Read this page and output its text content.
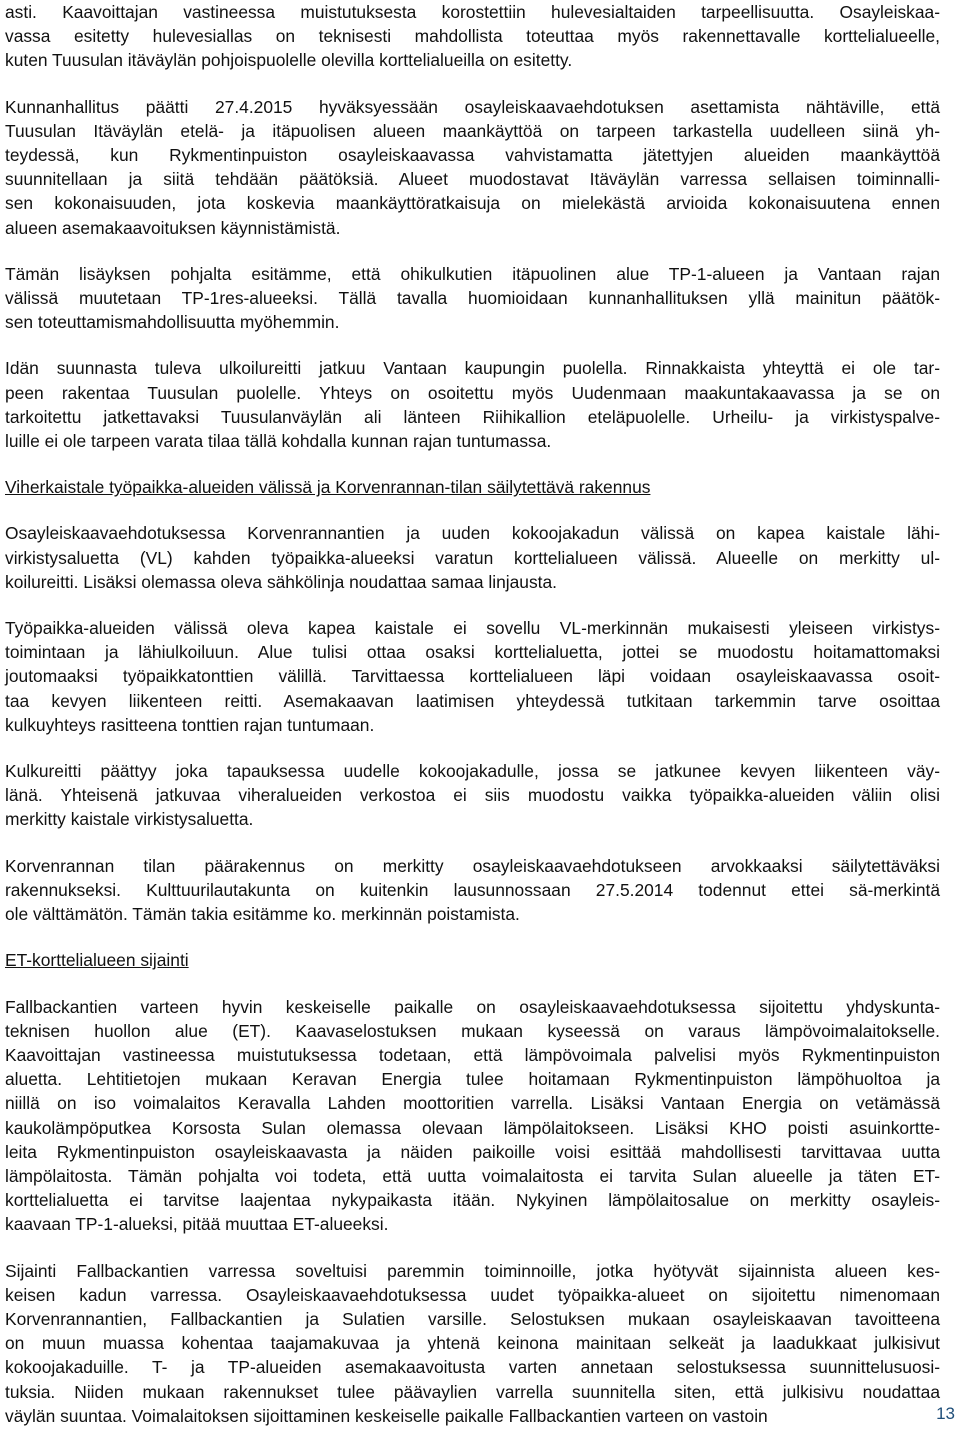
asti. Kaavoittajan vastineessa muistutuksesta korostettiin hulevesialtaiden tarpeellisuutta. Osayleiskaa-
vassa esitetty hulevesiallas on teknisesti mahdollista toteuttaa myös rakennettavalle korttelialueelle,
kuten Tuusulan itäväylän pohjoispuolelle olevilla korttelialueilla on esitetty.

Kunnanhallitus päätti 27.4.2015 hyväksyessään osayleiskaavaehdotuksen asettamista nähtäville, että
Tuusulan Itäväylän etelä- ja itäpuolisen alueen maankäyttöä on tarpeen tarkastella uudelleen siinä yh-
teydessä, kun Rykmentinpuiston osayleiskaavassa vahvistamatta jätettyjen alueiden maankäyttöä
suunnitellaan ja siitä tehdään päätöksiä. Alueet muodostavat Itäväylän varressa sellaisen toiminnalli-
sen kokonaisuuden, jota koskevia maankäyttöratkaisuja on mielekästä arvioida kokonaisuutena ennen
alueen asemakaavoituksen käynnistämistä.

Tämän lisäyksen pohjalta esitämme, että ohikulkutien itäpuolinen alue TP-1-alueen ja Vantaan rajan
välissä muutetaan TP-1res-alueeksi. Tällä tavalla huomioidaan kunnanhallituksen yllä mainitun päätök-
sen toteuttamismahdollisuutta myöhemmin.

Idän suunnasta tuleva ulkoilureitti jatkuu Vantaan kaupungin puolella. Rinnakkaista yhteyttä ei ole tar-
peen rakentaa Tuusulan puolelle. Yhteys on osoitettu myös Uudenmaan maakuntakaavassa ja se on
tarkoitettu jatkettavaksi Tuusulanväylän ali länteen Riihikallion eteläpuolelle. Urheilu- ja virkistyspalve-
luille ei ole tarpeen varata tilaa tällä kohdalla kunnan rajan tuntumassa.

Viherkaistale työpaikka-alueiden välissä ja Korvenrannan-tilan säilytettävä rakennus

Osayleiskaavaehdotuksessa Korvenrannantien ja uuden kokoojakadun välissä on kapea kaistale lähi-
virkistysaluetta (VL) kahden työpaikka-alueeksi varatun korttelialueen välissä. Alueelle on merkitty ul-
koilureitti. Lisäksi olemassa oleva sähkölinja noudattaa samaa linjausta.

Työpaikka-alueiden välissä oleva kapea kaistale ei sovellu VL-merkinnän mukaisesti yleiseen virkistys-
toimintaan ja lähiulkoiluun. Alue tulisi ottaa osaksi korttelialuetta, jottei se muodostu hoitamattomaksi
joutomaaksi työpaikkatonttien välillä. Tarvittaessa korttelialueen läpi voidaan osayleiskaavassa osoit-
taa kevyen liikenteen reitti. Asemakaavan laatimisen yhteydessä tutkitaan tarkemmin tarve osoittaa
kulkuyhteys rasitteena tonttien rajan tuntumaan.

Kulkureitti päättyy joka tapauksessa uudelle kokoojakadulle, jossa se jatkunee kevyen liikenteen väy-
länä. Yhteisenä jatkuvaa viheralueiden verkostoa ei siis muodostu vaikka työpaikka-alueiden väliin olisi
merkitty kaistale virkistysaluetta.

Korvenrannan tilan päärakennus on merkitty osayleiskaavaehdotukseen arvokkaaksi säilytettäväksi
rakennukseksi. Kulttuurilautakunta on kuitenkin lausunnossaan 27.5.2014 todennut ettei sä-merkintä
ole välttämätön. Tämän takia esitämme ko. merkinnän poistamista.

ET-korttelialueen sijainti

Fallbackantien varteen hyvin keskeiselle paikalle on osayleiskaavaehdotuksessa sijoitettu yhdyskunta-
teknisen huollon alue (ET). Kaavaselostuksen mukaan kyseessä on varaus lämpövoimalaitokselle.
Kaavoittajan vastineessa muistutuksessa todetaan, että lämpövoimala palvelisi myös Rykmentinpuiston
aluetta. Lehtitietojen mukaan Keravan Energia tulee hoitamaan Rykmentinpuiston lämpöhuoltoa ja
niillä on iso voimalaitos Keravalla Lahden moottoritien varrella. Lisäksi Vantaan Energia on vetämässä
kaukolämpöputkea Korsosta Sulan olemassa olevaan lämpölaitokseen. Lisäksi KHO poisti asuinkortte-
leita Rykmentinpuiston osayleiskaavasta ja näiden paikoille voisi esittää mahdollisesti tarvittavaa uutta
lämpölaitosta. Tämän pohjalta voi todeta, että uutta voimalaitosta ei tarvita Sulan alueelle ja täten ET-
korttelialuetta ei tarvitse laajentaa nykypaikasta itään. Nykyinen lämpölaitosalue on merkitty osayleis-
kaavaan TP-1-alueksi, pitää muuttaa ET-alueeksi.

Sijainti Fallbackantien varressa soveltuisi paremmin toiminnoille, jotka hyötyvät sijainnista alueen kes-
keisen kadun varressa. Osayleiskaavaehdotuksessa uudet työpaikka-alueet on sijoitettu nimenomaan
Korvenrannantien, Fallbackantien ja Sulatien varsille. Selostuksen mukaan osayleiskaavan tavoitteena
on muun muassa kohentaa taajamakuvaa ja yhtenä keinona mainitaan selkeät ja laadukkaat julkisivut
kokoojakaduille. T- ja TP-alueiden asemakaavoitusta varten annetaan selostuksessa suunnittelusuosi-
tuksia. Niiden mukaan rakennukset tulee päävaylien varrella suunnitella siten, että julkisivu noudattaa
väylän suuntaa. Voimalaitoksen sijoittaminen keskeiselle paikalle Fallbackantien varteen on vastoin	13
